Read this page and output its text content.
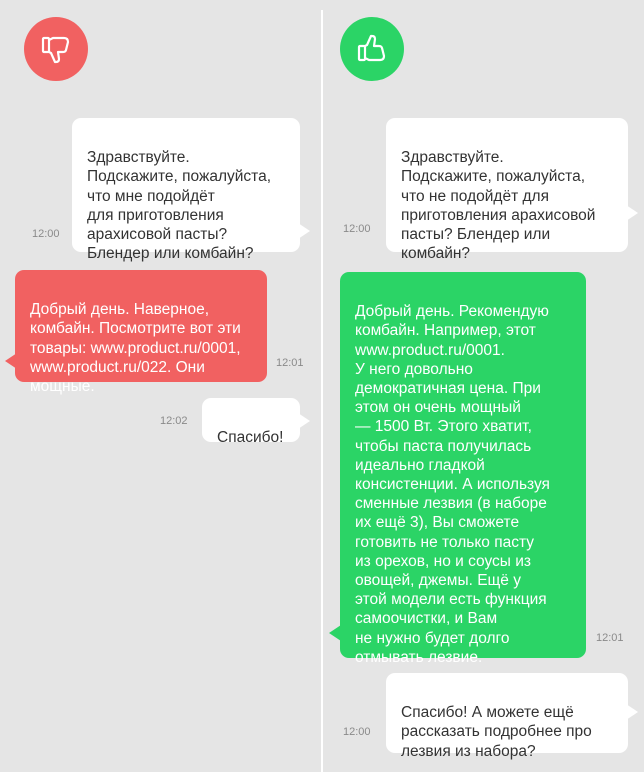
Здравствуйте.
Подскажите, пожалуйста,
что мне подойдёт
для приготовления
арахисовой пасты?
Блендер или комбайн?

12:00

Добрый день. Наверное,
комбайн. Посмотрите вот эти
товары: www.product.ru/0001,
www.product.ru/022. Они
мощные.

12:01

Спасибо!

12:02

Здравствуйте.
Подскажите, пожалуйста,
что не подойдёт для
приготовления арахисовой
пасты? Блендер или
комбайн?

12:00

Добрый день. Рекомендую
комбайн. Например, этот
www.product.ru/0001.
У него довольно
демократичная цена. При
этом он очень мощный
— 1500 Вт. Этого хватит,
чтобы паста получилась
идеально гладкой
консистенции. А используя
сменные лезвия (в наборе
их ещё 3), Вы сможете
готовить не только пасту
из орехов, но и соусы из
овощей, джемы. Ещё у
этой модели есть функция
самоочистки, и Вам
не нужно будет долго
отмывать лезвие.

12:01

Спасибо! А можете ещё
рассказать подробнее про
лезвия из набора?

12:00
